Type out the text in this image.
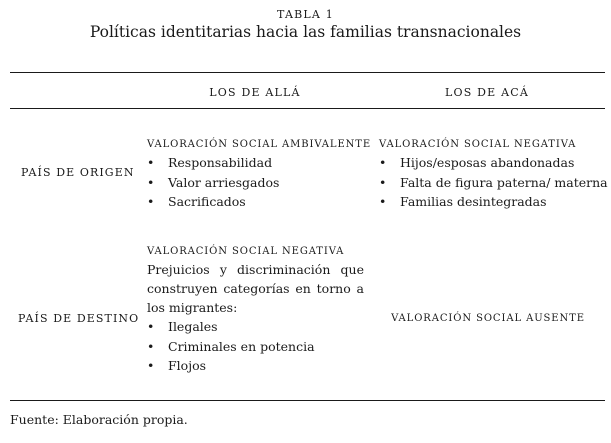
TABLA 1
Políticas identitarias hacia las familias transnacionales
LOS DE ALLÁ	LOS DE ACÁ
PAÍS DE ORIGEN
VALORACIÓN SOCIAL AMBIVALENTE
• Responsabilidad
• Valor arriesgados
• Sacrificados
VALORACIÓN SOCIAL NEGATIVA
• Hijos/esposas abandonadas
• Falta de figura paterna/ materna
• Familias desintegradas
PAÍS DE DESTINO
VALORACIÓN SOCIAL NEGATIVA
Prejuicios y discriminación que construyen categorías en torno a los migrantes:
• Ilegales
• Criminales en potencia
• Flojos
VALORACIÓN SOCIAL AUSENTE
Fuente: Elaboración propia.
